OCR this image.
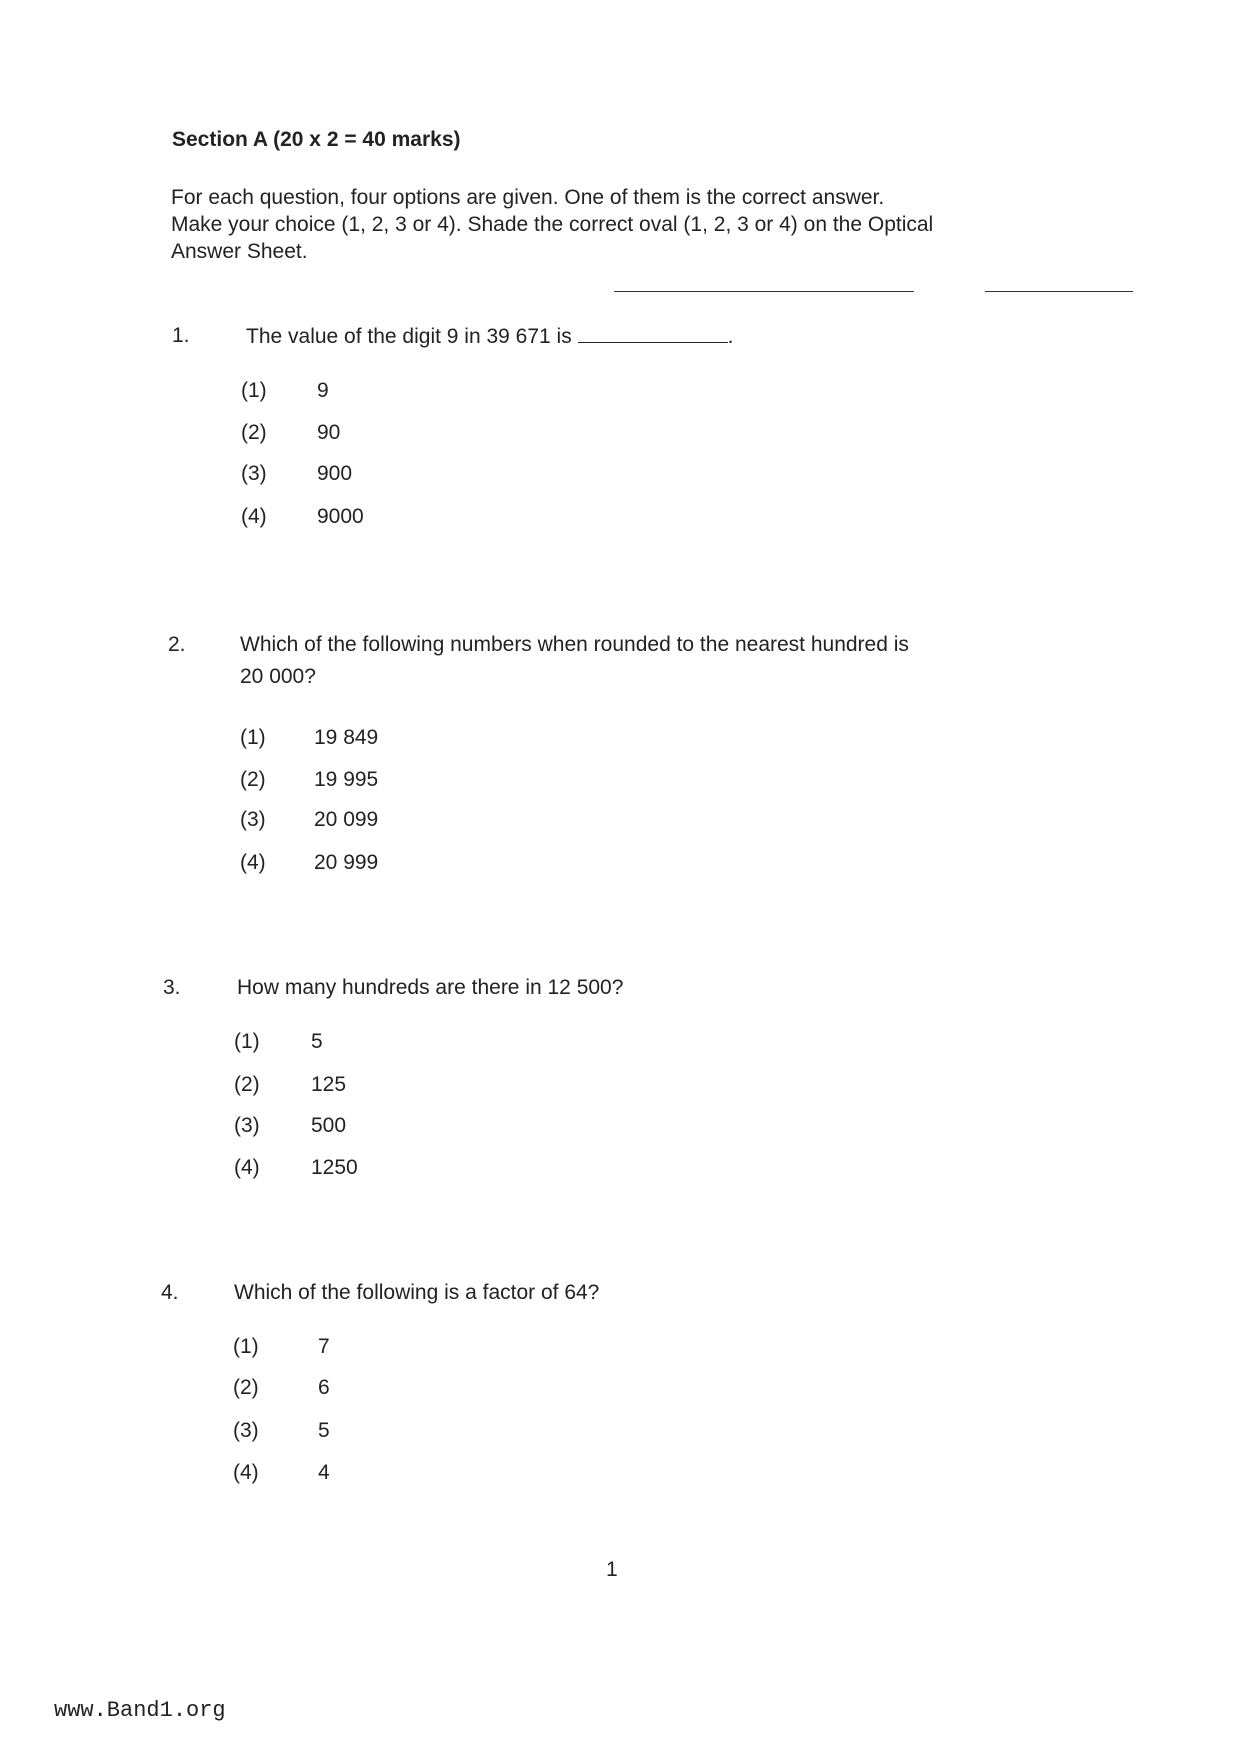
Section A (20 x 2 = 40 marks)
For each question, four options are given. One of them is the correct answer.
Make your choice (1, 2, 3 or 4). Shade the correct oval (1, 2, 3 or 4) on the Optical
Answer Sheet.
1.	The value of the digit 9 in 39 671 is	.
(1) 9
(2) 90
(3) 900
(4) 9000
2.	Which of the following numbers when rounded to the nearest hundred is
20 000?
(1) 19 849
(2) 19 995
(3) 20 099
(4) 20 999
3.	How many hundreds are there in 12 500?
(1) 5
(2) 125
(3) 500
(4) 1250
4.	Which of the following is a factor of 64?
(1)	7
(2)	6
(3)	5
(4)	4
1
www.Band1.org
